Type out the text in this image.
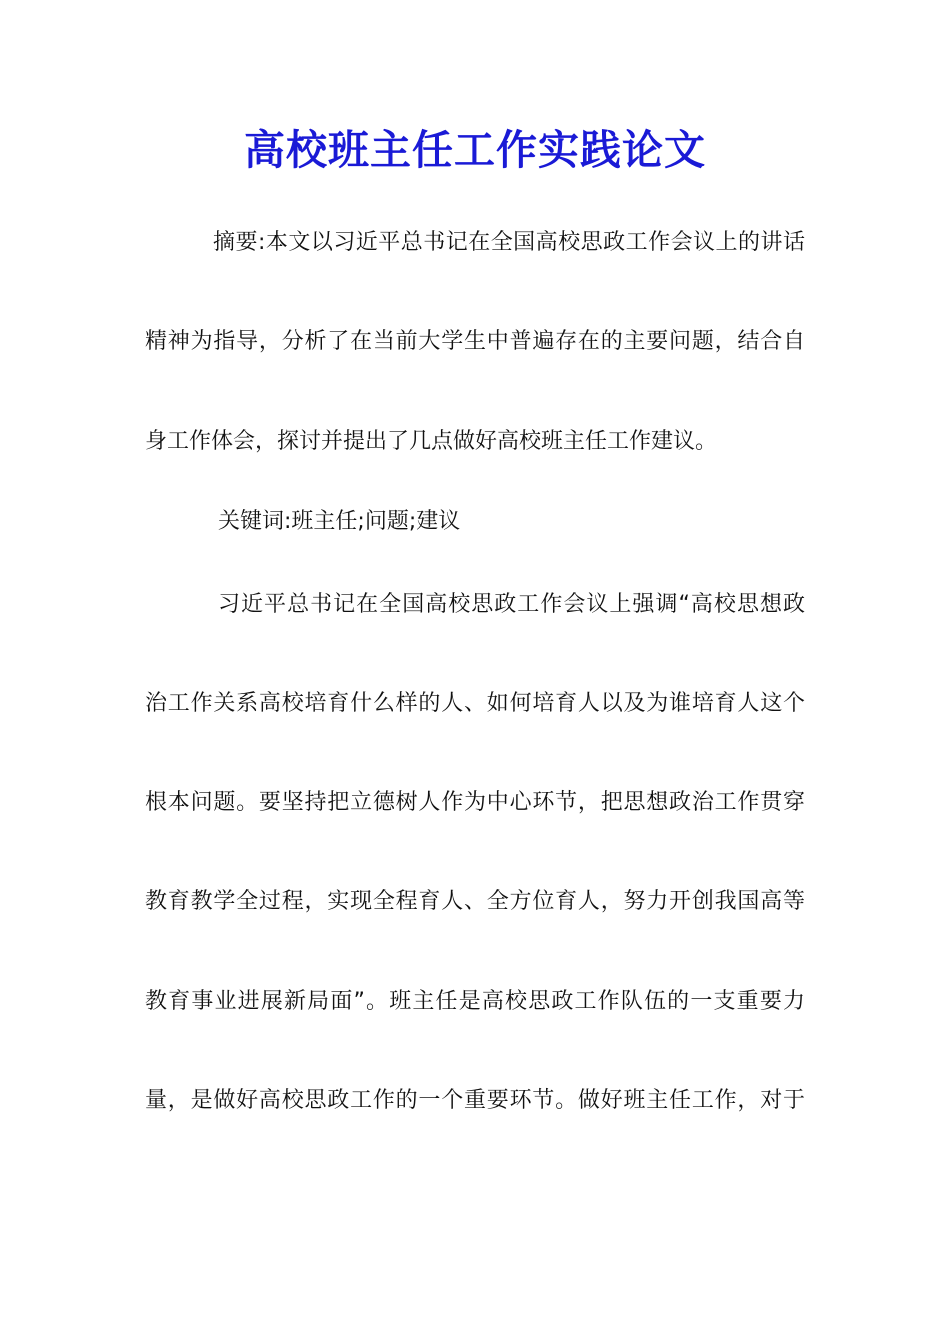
高校班主任工作实践论文
摘要:本文以习近平总书记在全国高校思政工作会议上的讲话
精神为指导，分析了在当前大学生中普遍存在的主要问题，结合自
身工作体会，探讨并提出了几点做好高校班主任工作建议。
关键词:班主任;问题;建议
习近平总书记在全国高校思政工作会议上强调“高校思想政
治工作关系高校培育什么样的人、如何培育人以及为谁培育人这个
根本问题。要坚持把立德树人作为中心环节，把思想政治工作贯穿
教育教学全过程，实现全程育人、全方位育人，努力开创我国高等
教育事业进展新局面”。班主任是高校思政工作队伍的一支重要力
量，是做好高校思政工作的一个重要环节。做好班主任工作，对于
